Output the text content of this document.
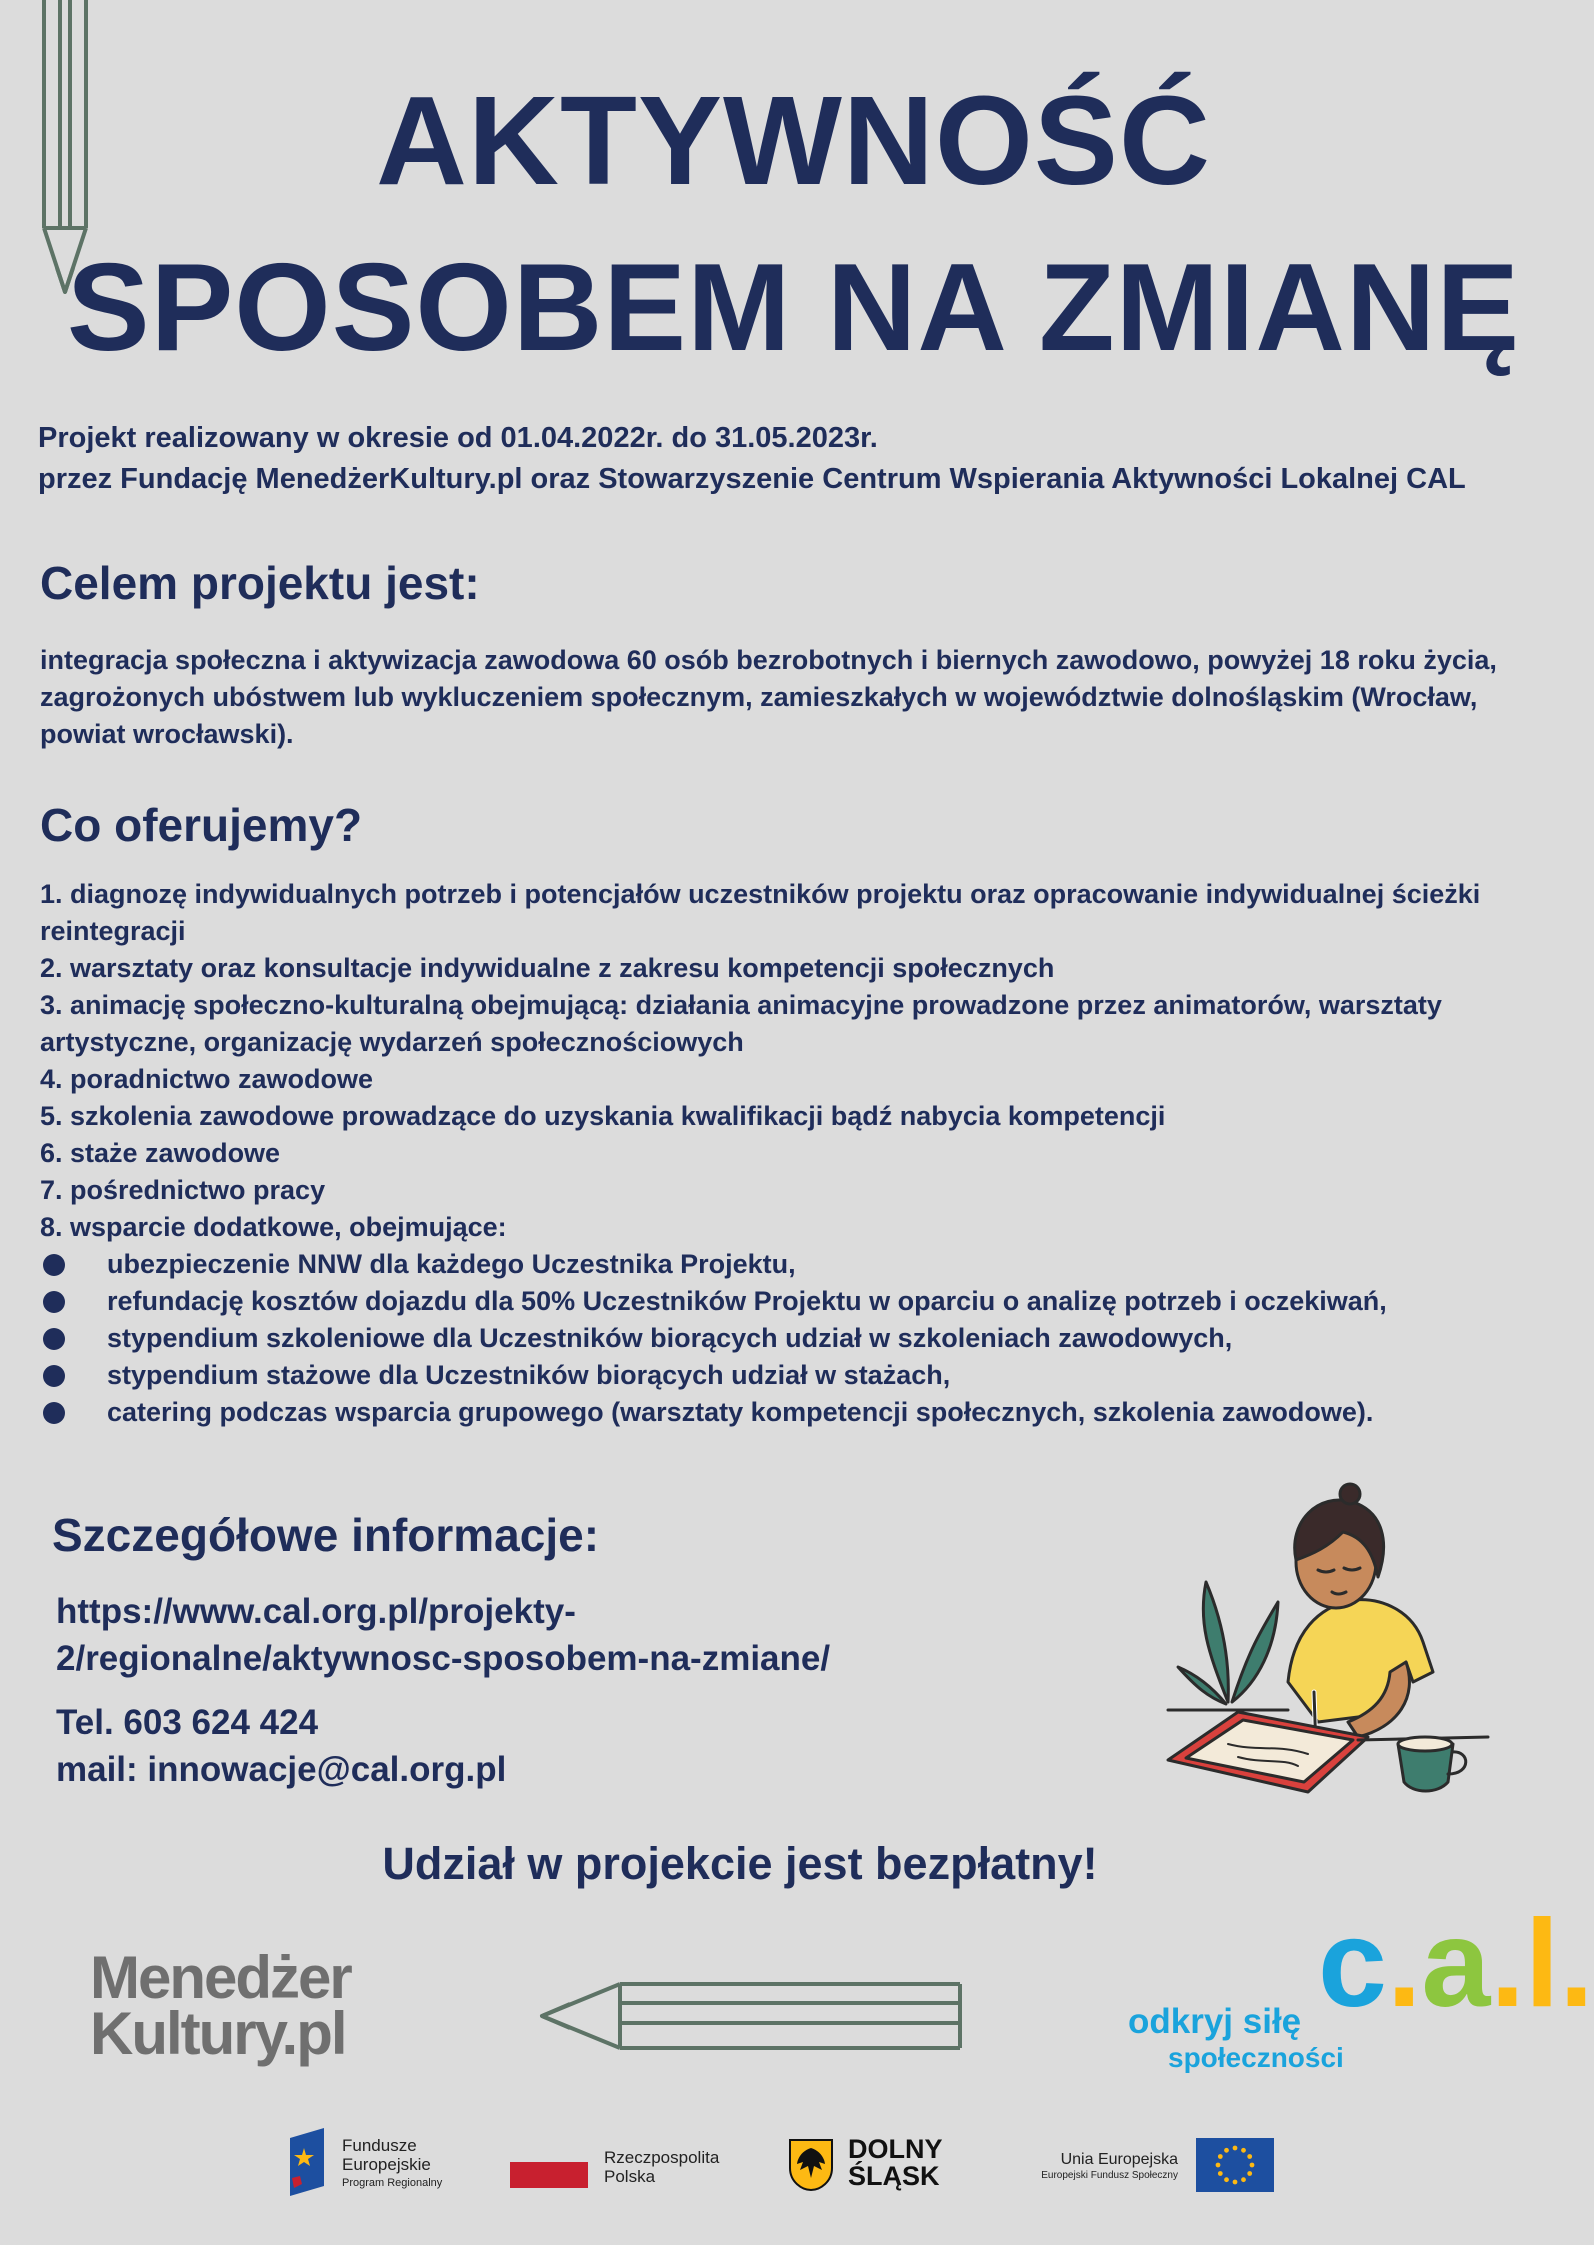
AKTYWNOŚĆ
SPOSOBEM NA ZMIANĘ
Projekt realizowany w okresie od 01.04.2022r. do 31.05.2023r.
przez Fundację MenedżerKultury.pl oraz Stowarzyszenie Centrum Wspierania Aktywności Lokalnej CAL
Celem projektu jest:
integracja społeczna i aktywizacja zawodowa 60 osób bezrobotnych i biernych zawodowo, powyżej 18 roku życia, zagrożonych ubóstwem lub wykluczeniem społecznym, zamieszkałych w województwie dolnośląskim (Wrocław, powiat wrocławski).
Co oferujemy?
1. diagnozę indywidualnych potrzeb i potencjałów uczestników projektu oraz opracowanie indywidualnej ścieżki reintegracji
2. warsztaty oraz konsultacje indywidualne z zakresu kompetencji społecznych
3. animację społeczno-kulturalną obejmującą: działania animacyjne prowadzone przez animatorów, warsztaty artystyczne, organizację wydarzeń społecznościowych
4. poradnictwo zawodowe
5. szkolenia zawodowe prowadzące do uzyskania kwalifikacji bądź nabycia kompetencji
6. staże zawodowe
7. pośrednictwo pracy
8. wsparcie dodatkowe, obejmujące:
ubezpieczenie NNW dla każdego Uczestnika Projektu,
refundację kosztów dojazdu dla 50% Uczestników Projektu w oparciu o analizę potrzeb i oczekiwań,
stypendium szkoleniowe dla Uczestników biorących udział w szkoleniach zawodowych,
stypendium stażowe dla Uczestników biorących udział w stażach,
catering podczas wsparcia grupowego (warsztaty kompetencji społecznych, szkolenia zawodowe).
Szczegółowe informacje:
https://www.cal.org.pl/projekty-
2/regionalne/aktywnosc-sposobem-na-zmiane/
Tel. 603 624 424
mail: innowacje@cal.org.pl
Udział w projekcie jest bezpłatny!
Menedżer
Kultury.pl	odkryj siłę
społeczności
c.a.l.
Fundusze
Europejskie
Program Regionalny
Rzeczpospolita
Polska
DOLNY
ŚLĄSK
Unia Europejska
Europejski Fundusz Społeczny
